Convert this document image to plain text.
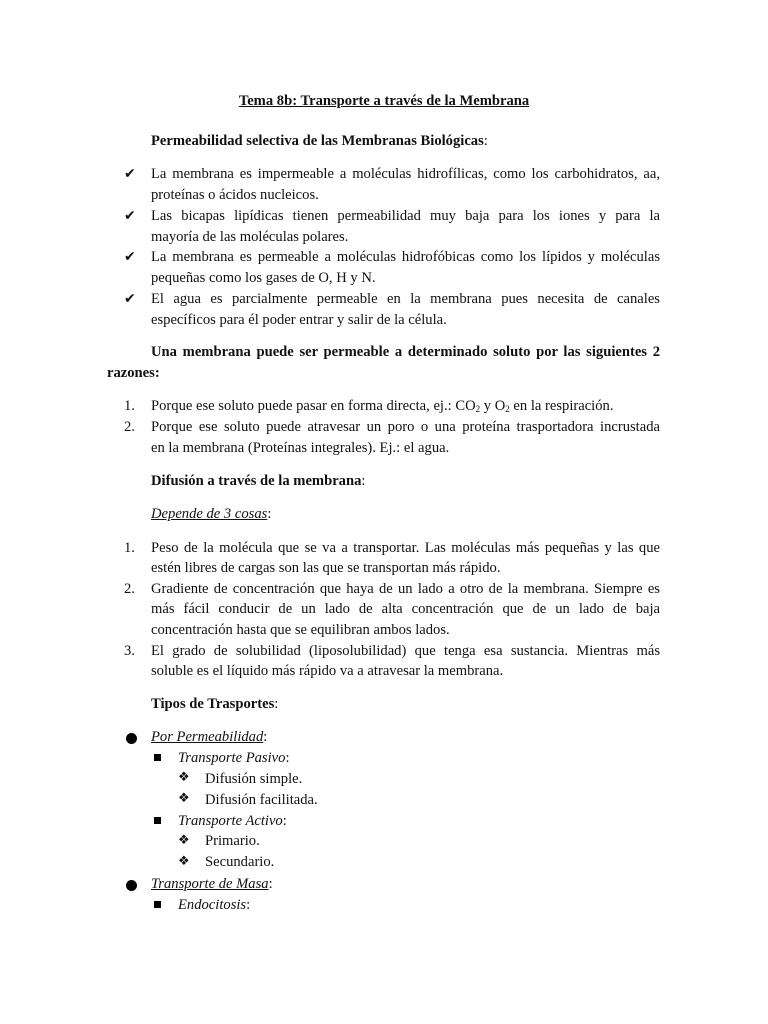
Tema 8b: Transporte a través de la Membrana
Permeabilidad selectiva de las Membranas Biológicas:
✔ La membrana es impermeable a moléculas hidrofílicas, como los carbohidratos, aa,
proteínas o ácidos nucleicos.
✔ Las bicapas lipídicas tienen permeabilidad muy baja para los iones y para la
mayoría de las moléculas polares.
✔ La membrana es permeable a moléculas hidrofóbicas como los lípidos y moléculas
pequeñas como los gases de O, H y N.
✔ El agua es parcialmente permeable en la membrana pues necesita de canales
específicos para él poder entrar y salir de la célula.
Una membrana puede ser permeable a determinado soluto por las siguientes 2
razones:
1. Porque ese soluto puede pasar en forma directa, ej.: $CO_2$ y $O_2$ en la respiración.
2. Porque ese soluto puede atravesar un poro o una proteína trasportadora incrustada
en la membrana (Proteínas integrales). Ej.: el agua.
Difusión a través de la membrana:
Depende de 3 cosas:
1. Peso de la molécula que se va a transportar. Las moléculas más pequeñas y las que
estén libres de cargas son las que se transportan más rápido.
2. Gradiente de concentración que haya de un lado a otro de la membrana. Siempre es
más fácil conducir de un lado de alta concentración que de un lado de baja
concentración hasta que se equilibran ambos lados.
3. El grado de solubilidad (liposolubilidad) que tenga esa sustancia. Mientras más
soluble es el líquido más rápido va a atravesar la membrana.
Tipos de Trasportes:
Por Permeabilidad:
Transporte Pasivo:
❖ Difusión simple.
❖ Difusión facilitada.
Transporte Activo:
❖ Primario.
❖ Secundario.
Transporte de Masa:
Endocitosis:
